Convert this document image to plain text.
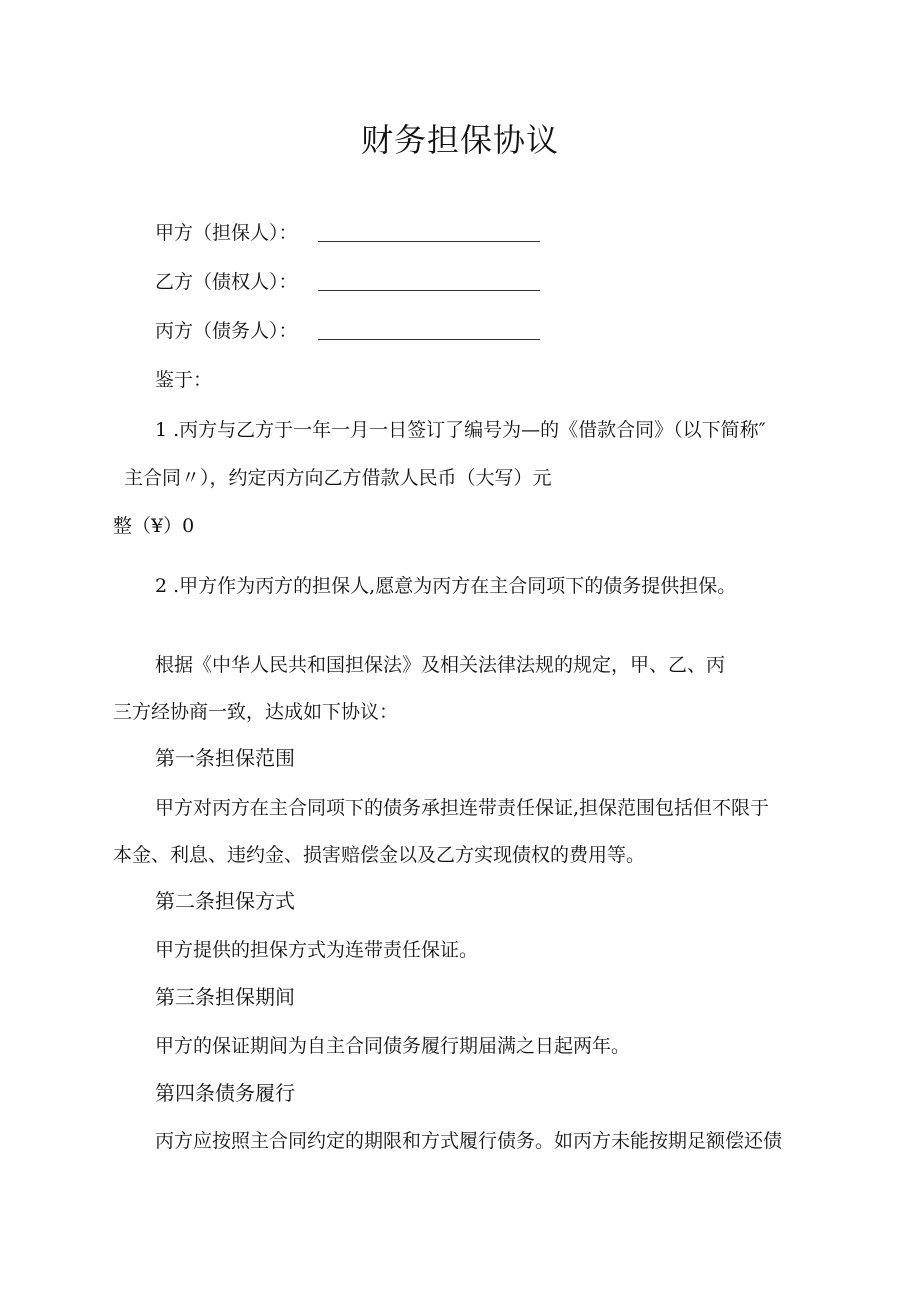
财务担保协议
甲方（担保人）：
乙方（债权人）：
丙方（债务人）：
鉴于：
1 .丙方与乙方于一年一月一日签订了编号为—的《借款合同》（以下简称″
主合同〃），约定丙方向乙方借款人民币（大写）元
整（¥）0
2 .甲方作为丙方的担保人,愿意为丙方在主合同项下的债务提供担保。
根据《中华人民共和国担保法》及相关法律法规的规定，甲、乙、丙
三方经协商一致，达成如下协议：
第一条担保范围
甲方对丙方在主合同项下的债务承担连带责任保证,担保范围包括但不限于
本金、利息、违约金、损害赔偿金以及乙方实现债权的费用等。
第二条担保方式
甲方提供的担保方式为连带责任保证。
第三条担保期间
甲方的保证期间为自主合同债务履行期届满之日起两年。
第四条债务履行
丙方应按照主合同约定的期限和方式履行债务。如丙方未能按期足额偿还债
